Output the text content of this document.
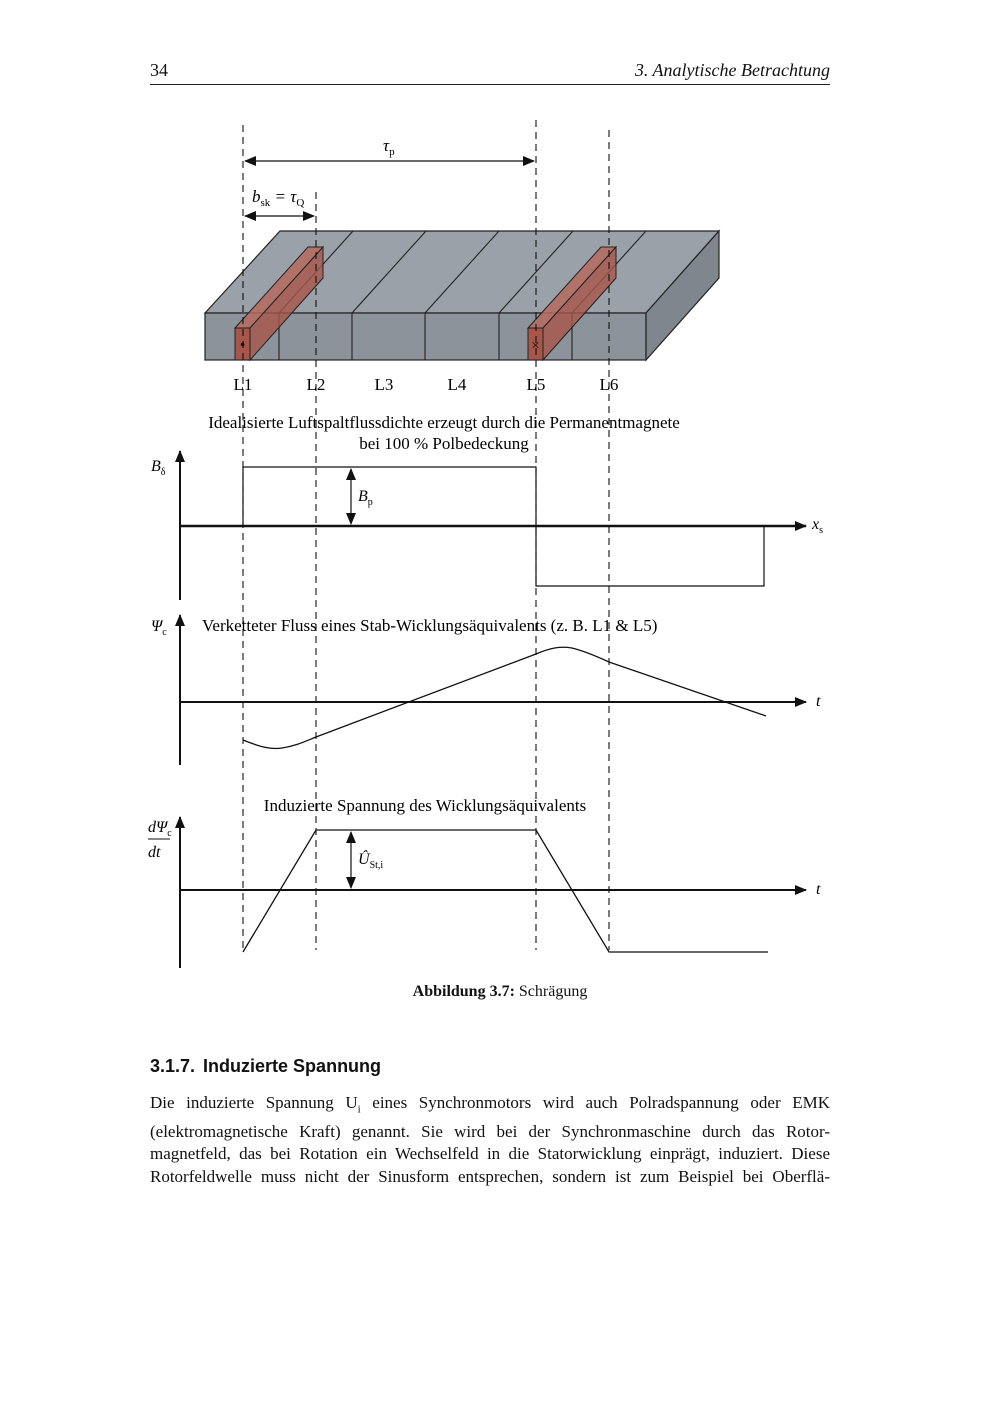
34	3. Analytische Betrachtung
•	×
$\tau_p$
$b_{sk} = \tau_Q$
L1	L2	L3	L4	L5	L6
Idealisierte Luftspaltflussdichte erzeugt durch die Permanentmagnete
bei 100 % Polbedeckung
$B_\delta$
$x_s$
$B_p$
$\Psi_c$ Verketteter Fluss eines Stab-Wicklungsäquivalents (z. B. L1 & L5)
t
Induzierte Spannung des Wicklungsäquivalents
$d\Psi_c$
dt
t
$Û_{St,i}$
Abbildung 3.7: Schrägung
3.1.7. Induzierte Spannung
Die induzierte Spannung $U_i$ eines Synchronmotors wird auch Polradspannung oder EMK
(elektromagnetische Kraft) genannt. Sie wird bei der Synchronmaschine durch das Rotor-
magnetfeld, das bei Rotation ein Wechselfeld in die Statorwicklung einprägt, induziert. Diese
Rotorfeldwelle muss nicht der Sinusform entsprechen, sondern ist zum Beispiel bei Oberflä-
